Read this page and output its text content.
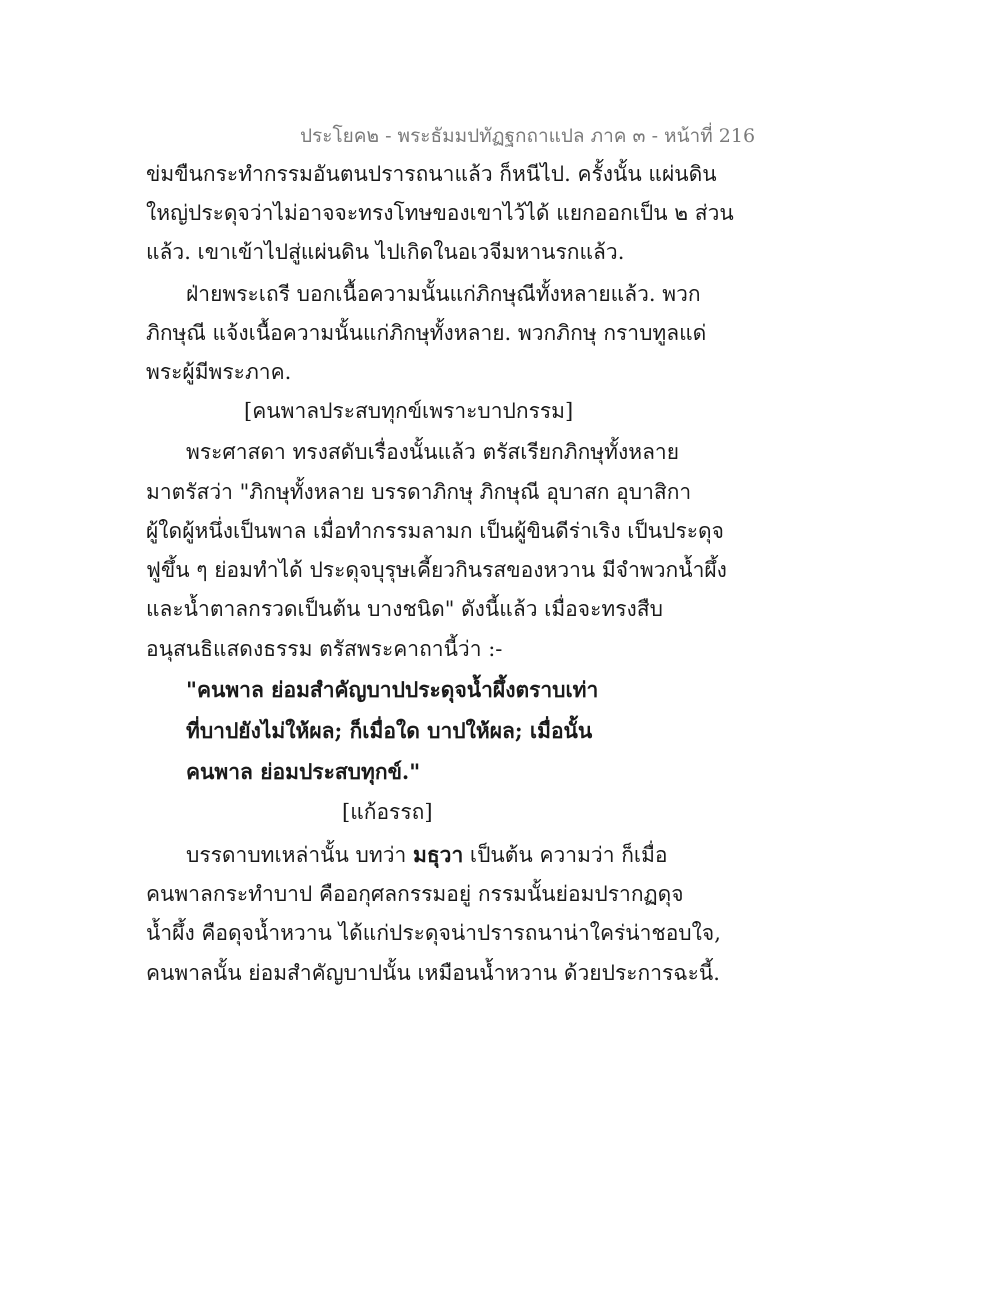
ประโยค๒ - พระธัมมปทัฏฐกถาแปล ภาค ๓ - หน้าที่ 216
ข่มขืนกระทำกรรมอันตนปรารถนาแล้ว ก็หนีไป. ครั้งนั้น แผ่นดิน
ใหญ่ประดุจว่าไม่อาจจะทรงโทษของเขาไว้ได้ แยกออกเป็น ๒ ส่วน
แล้ว. เขาเข้าไปสู่แผ่นดิน ไปเกิดในอเวจีมหานรกแล้ว.
ฝ่ายพระเถรี บอกเนื้อความนั้นแก่ภิกษุณีทั้งหลายแล้ว. พวก
ภิกษุณี แจ้งเนื้อความนั้นแก่ภิกษุทั้งหลาย. พวกภิกษุ กราบทูลแด่
พระผู้มีพระภาค.
[คนพาลประสบทุกข์เพราะบาปกรรม]
พระศาสดา ทรงสดับเรื่องนั้นแล้ว ตรัสเรียกภิกษุทั้งหลาย
มาตรัสว่า "ภิกษุทั้งหลาย บรรดาภิกษุ ภิกษุณี อุบาสก อุบาสิกา
ผู้ใดผู้หนึ่งเป็นพาล เมื่อทำกรรมลามก เป็นผู้ขินดีร่าเริง เป็นประดุจ
ฟูขึ้น ๆ ย่อมทำได้ ประดุจบุรุษเคี้ยวกินรสของหวาน มีจำพวกน้ำผึ้ง
และน้ำตาลกรวดเป็นต้น บางชนิด" ดังนี้แล้ว เมื่อจะทรงสืบ
อนุสนธิแสดงธรรม ตรัสพระคาถานี้ว่า :-
"คนพาล ย่อมสำคัญบาปประดุจน้ำผึ้งตราบเท่า
ที่บาปยังไม่ให้ผล; ก็เมื่อใด บาปให้ผล; เมื่อนั้น
คนพาล ย่อมประสบทุกข์."
[แก้อรรถ]
บรรดาบทเหล่านั้น บทว่า มธุวา เป็นต้น ความว่า ก็เมื่อ
คนพาลกระทำบาป คืออกุศลกรรมอยู่ กรรมนั้นย่อมปรากฏดุจ
น้ำผึ้ง คือดุจน้ำหวาน ได้แก่ประดุจน่าปรารถนาน่าใคร่น่าชอบใจ,
คนพาลนั้น ย่อมสำคัญบาปนั้น เหมือนน้ำหวาน ด้วยประการฉะนี้.
